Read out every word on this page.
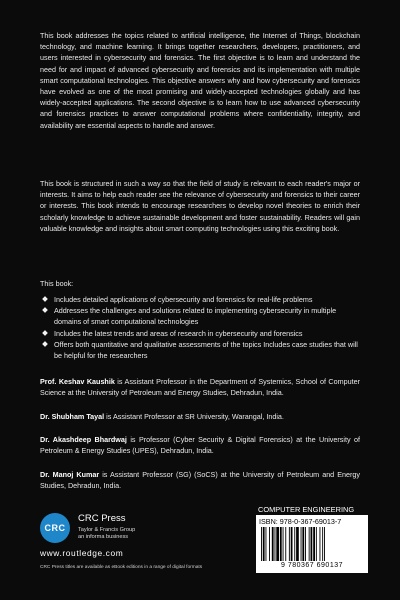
This book addresses the topics related to artificial intelligence, the Internet of Things, blockchain technology, and machine learning. It brings together researchers, developers, practitioners, and users interested in cybersecurity and forensics. The first objective is to learn and understand the need for and impact of advanced cybersecurity and forensics and its implementation with multiple smart computational technologies. This objective answers why and how cybersecurity and forensics have evolved as one of the most promising and widely-accepted technologies globally and has widely-accepted applications. The second objective is to learn how to use advanced cybersecurity and forensics practices to answer computational problems where confidentiality, integrity, and availability are essential aspects to handle and answer.

This book is structured in such a way so that the field of study is relevant to each reader's major or interests. It aims to help each reader see the relevance of cybersecurity and forensics to their career or interests. This book intends to encourage researchers to develop novel theories to enrich their scholarly knowledge to achieve sustainable development and foster sustainability. Readers will gain valuable knowledge and insights about smart computing technologies using this exciting book.

This book:

Includes detailed applications of cybersecurity and forensics for real-life problems
Addresses the challenges and solutions related to implementing cybersecurity in multiple domains of smart computational technologies
Includes the latest trends and areas of research in cybersecurity and forensics
Offers both quantitative and qualitative assessments of the topics Includes case studies that will be helpful for the researchers
Prof. Keshav Kaushik is Assistant Professor in the Department of Systemics, School of Computer Science at the University of Petroleum and Energy Studies, Dehradun, India.
Dr. Shubham Tayal is Assistant Professor at SR University, Warangal, India.
Dr. Akashdeep Bhardwaj is Professor (Cyber Security & Digital Forensics) at the University of Petroleum & Energy Studies (UPES), Dehradun, India.
Dr. Manoj Kumar is Assistant Professor (SG) (SoCS) at the University of Petroleum and Energy Studies, Dehradun, India.
CRC
CRC Press
Taylor & Francis Group
an informa business
www.routledge.com
CRC Press titles are available as eBook editions in a range of digital formats
COMPUTER ENGINEERING
ISBN: 978-0-367-69013-7
9 780367 690137
